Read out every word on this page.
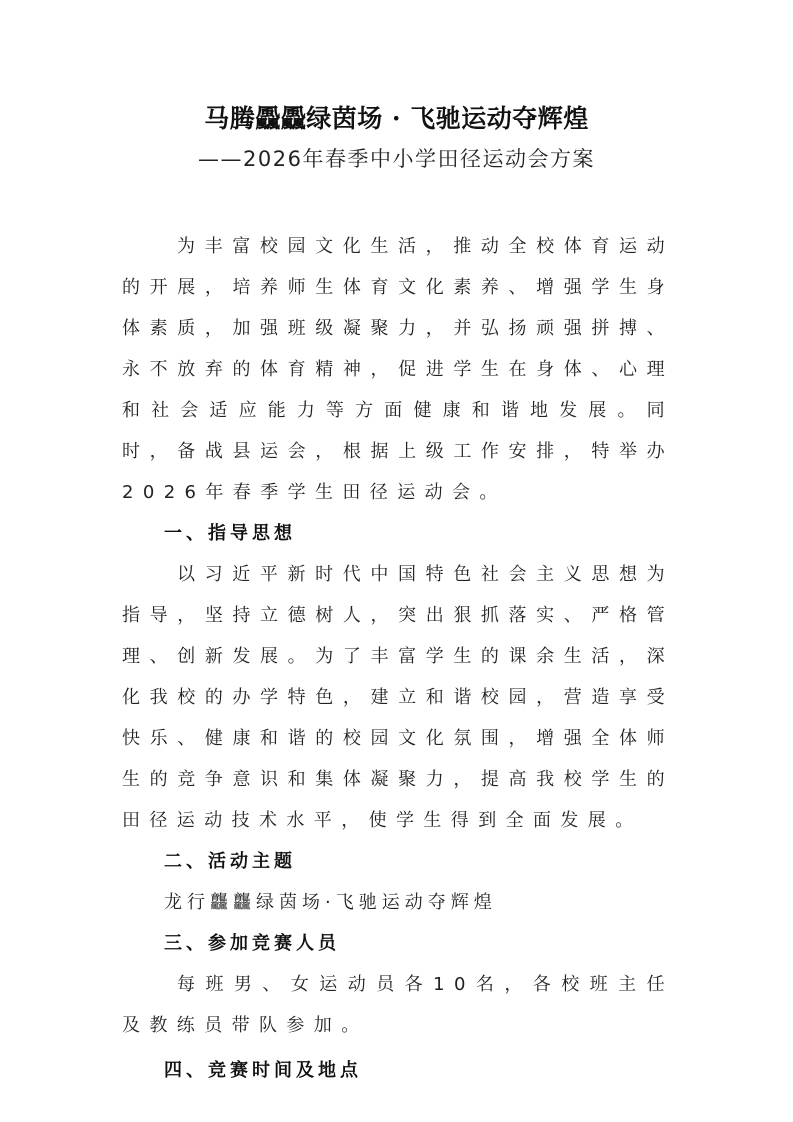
马腾飍飍绿茵场 · 飞驰运动夺辉煌
——2026年春季中小学田径运动会方案

为丰富校园文化生活，推动全校体育运动的开展，培养师生体育文化素养、增强学生身体素质，加强班级凝聚力，并弘扬顽强拼搏、永不放弃的体育精神，促进学生在身体、心理和社会适应能力等方面健康和谐地发展。同时，备战县运会，根据上级工作安排，特举办2026年春季学生田径运动会。

一、指导思想

以习近平新时代中国特色社会主义思想为指导，坚持立德树人，突出狠抓落实、严格管理、创新发展。为了丰富学生的课余生活，深化我校的办学特色，建立和谐校园，营造享受快乐、健康和谐的校园文化氛围，增强全体师生的竞争意识和集体凝聚力，提高我校学生的田径运动技术水平，使学生得到全面发展。

二、活动主题

龙行龘龘绿茵场·飞驰运动夺辉煌

三、参加竞赛人员

每班男、女运动员各10名，各校班主任及教练员带队参加。

四、竞赛时间及地点
